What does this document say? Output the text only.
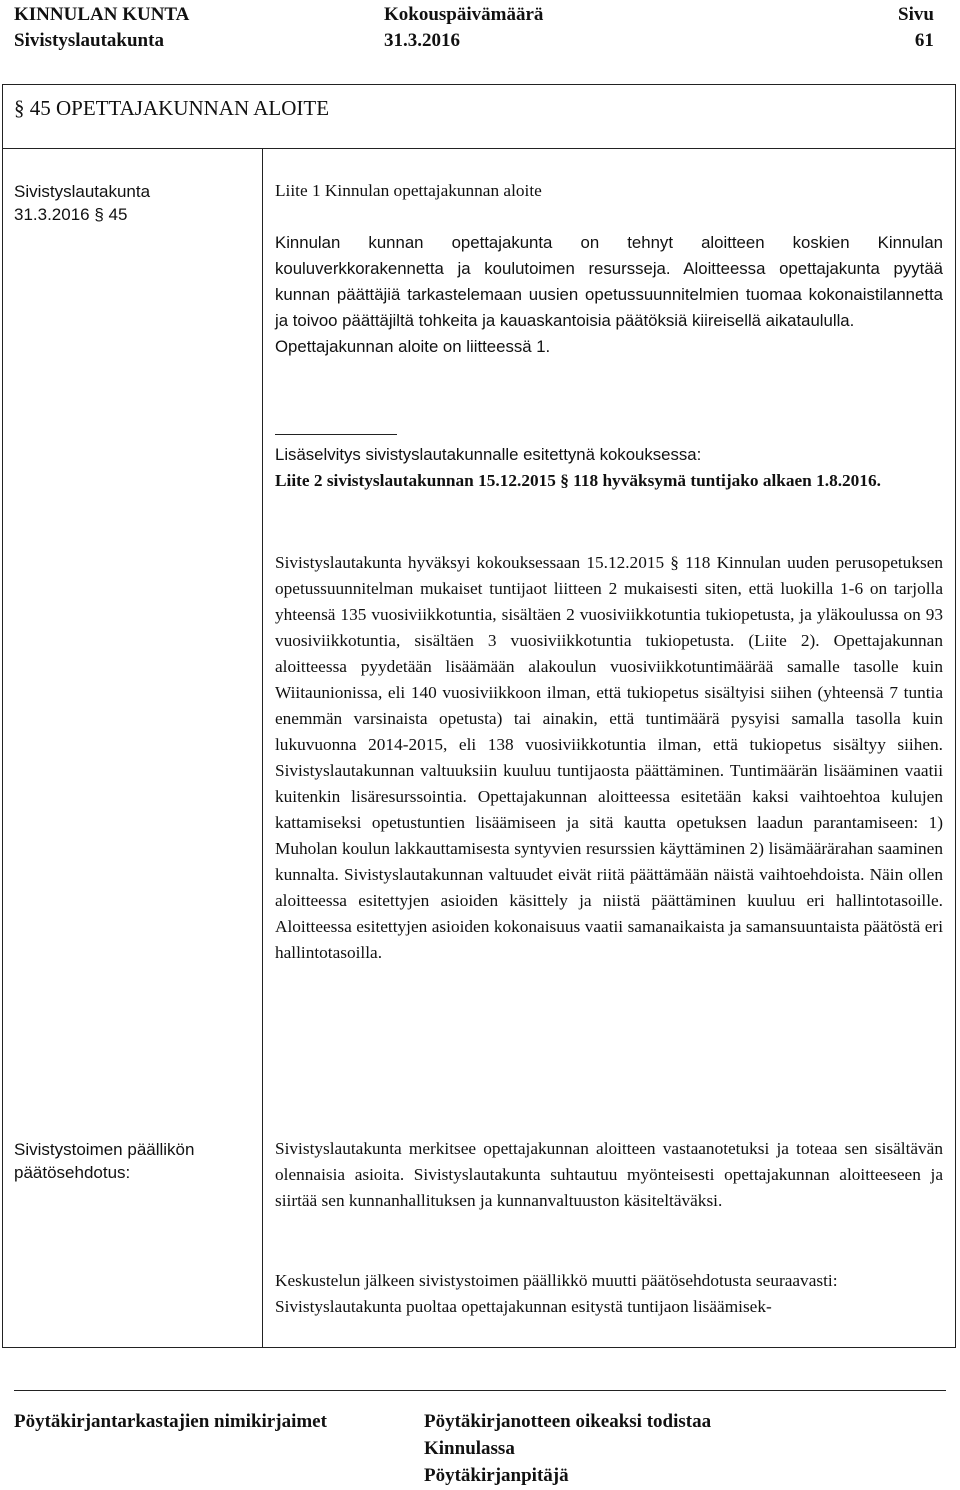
KINNULAN KUNTA
Sivistyslautakunta
Kokouspäivämäärä
31.3.2016
Sivu
61
§ 45 OPETTAJAKUNNAN ALOITE
Sivistyslautakunta
31.3.2016 § 45
Sivistystoimen päällikön
päätösehdotus:

Liite 1 Kinnulan opettajakunnan aloite

Kinnulan kunnan opettajakunta on tehnyt aloitteen koskien Kinnulan kouluverkkorakennetta ja koulutoimen resursseja. Aloitteessa opettajakunta pyytää kunnan päättäjiä tarkastelemaan uusien opetussuunnitelmien tuomaa kokonaistilannetta ja toivoo päättäjiltä tohkeita ja kauaskantoisia päätöksiä kiireisellä aikataululla.

Opettajakunnan aloite on liitteessä 1.

Lisäselvitys sivistyslautakunnalle esitettynä kokouksessa:

Liite 2 sivistyslautakunnan 15.12.2015 § 118 hyväksymä tuntijako alkaen 1.8.2016.

Sivistyslautakunta hyväksyi kokouksessaan 15.12.2015 § 118 Kinnulan uuden perusopetuksen opetussuunnitelman mukaiset tuntijaot liitteen 2 mukaisesti siten, että luokilla 1-6 on tarjolla yhteensä 135 vuosiviikkotuntia, sisältäen 2 vuosiviikkotuntia tukiopetusta, ja yläkoulussa on 93 vuosiviikkotuntia, sisältäen 3 vuosiviikkotuntia tukiopetusta. (Liite 2). Opettajakunnan aloitteessa pyydetään lisäämään alakoulun vuosiviikkotuntimäärää samalle tasolle kuin Wiitaunionissa, eli 140 vuosiviikkoon ilman, että tukiopetus sisältyisi siihen (yhteensä 7 tuntia enemmän varsinaista opetusta) tai ainakin, että tuntimäärä pysyisi samalla tasolla kuin lukuvuonna 2014-2015, eli 138 vuosiviikkotuntia ilman, että tukiopetus sisältyy siihen. Sivistyslautakunnan valtuuksiin kuuluu tuntijaosta päättäminen. Tuntimäärän lisääminen vaatii kuitenkin lisäresurssointia. Opettajakunnan aloitteessa esitetään kaksi vaihtoehtoa kulujen kattamiseksi opetustuntien lisäämiseen ja sitä kautta opetuksen laadun parantamiseen: 1) Muholan koulun lakkauttamisesta syntyvien resurssien käyttäminen 2) lisämäärärahan saaminen kunnalta. Sivistyslautakunnan valtuudet eivät riitä päättämään näistä vaihtoehdoista. Näin ollen aloitteessa esitettyjen asioiden käsittely ja niistä päättäminen kuuluu eri hallintotasoille. Aloitteessa esitettyjen asioiden kokonaisuus vaatii samanaikaista ja samansuuntaista päätöstä eri hallintotasoilla.

Sivistyslautakunta merkitsee opettajakunnan aloitteen vastaanotetuksi ja toteaa sen sisältävän olennaisia asioita. Sivistyslautakunta suhtautuu myönteisesti opettajakunnan aloitteeseen ja siirtää sen kunnanhallituksen ja kunnanvaltuuston käsiteltäväksi.

Keskustelun jälkeen sivistystoimen päällikkö muutti päätösehdotusta seuraavasti:

Sivistyslautakunta puoltaa opettajakunnan esitystä tuntijaon lisäämisek-

Pöytäkirjantarkastajien nimikirjaimet	Pöytäkirjanotteen oikeaksi todistaa
Kinnulassa
Pöytäkirjanpitäjä
